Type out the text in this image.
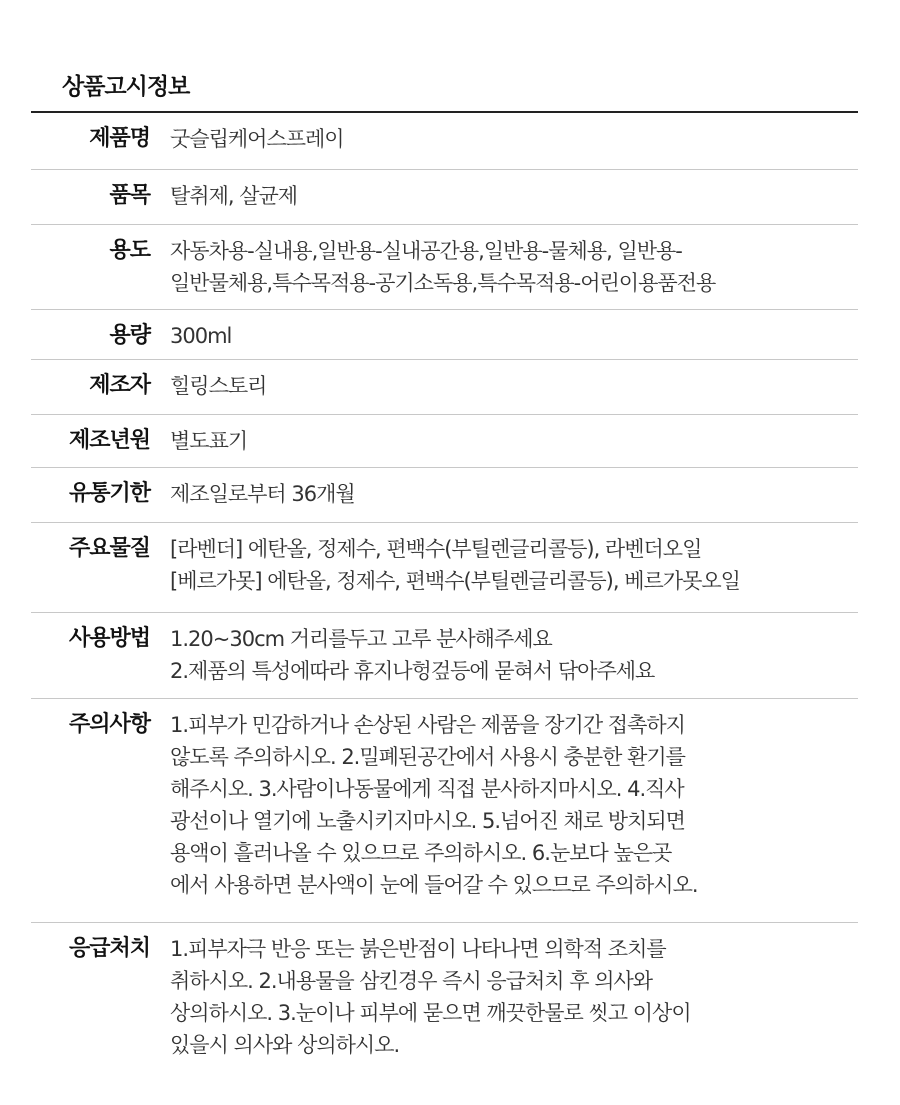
상품고시정보
제품명 굿슬립케어스프레이
품목 탈취제, 살균제
용도 자동차용-실내용,일반용-실내공간용,일반용-물체용, 일반용-
일반물체용,특수목적용-공기소독용,특수목적용-어린이용품전용
용량 300ml
제조자 힐링스토리
제조년원 별도표기
유통기한 제조일로부터 36개월
주요물질 [라벤더] 에탄올, 정제수, 편백수(부틸렌글리콜등), 라벤더오일
[베르가못] 에탄올, 정제수, 편백수(부틸렌글리콜등), 베르가못오일
사용방법 1.20~30cm 거리를두고 고루 분사해주세요
2.제품의 특성에따라 휴지나헝겊등에 묻혀서 닦아주세요
주의사항 1.피부가 민감하거나 손상된 사람은 제품을 장기간 접촉하지
않도록 주의하시오. 2.밀폐된공간에서 사용시 충분한 환기를
해주시오. 3.사람이나동물에게 직접 분사하지마시오. 4.직사
광선이나 열기에 노출시키지마시오. 5.넘어진 채로 방치되면
용액이 흘러나올 수 있으므로 주의하시오. 6.눈보다 높은곳
에서 사용하면 분사액이 눈에 들어갈 수 있으므로 주의하시오.
응급처치 1.피부자극 반응 또는 붉은반점이 나타나면 의학적 조치를
취하시오. 2.내용물을 삼킨경우 즉시 응급처치 후 의사와
상의하시오. 3.눈이나 피부에 묻으면 깨끗한물로 씻고 이상이
있을시 의사와 상의하시오.
